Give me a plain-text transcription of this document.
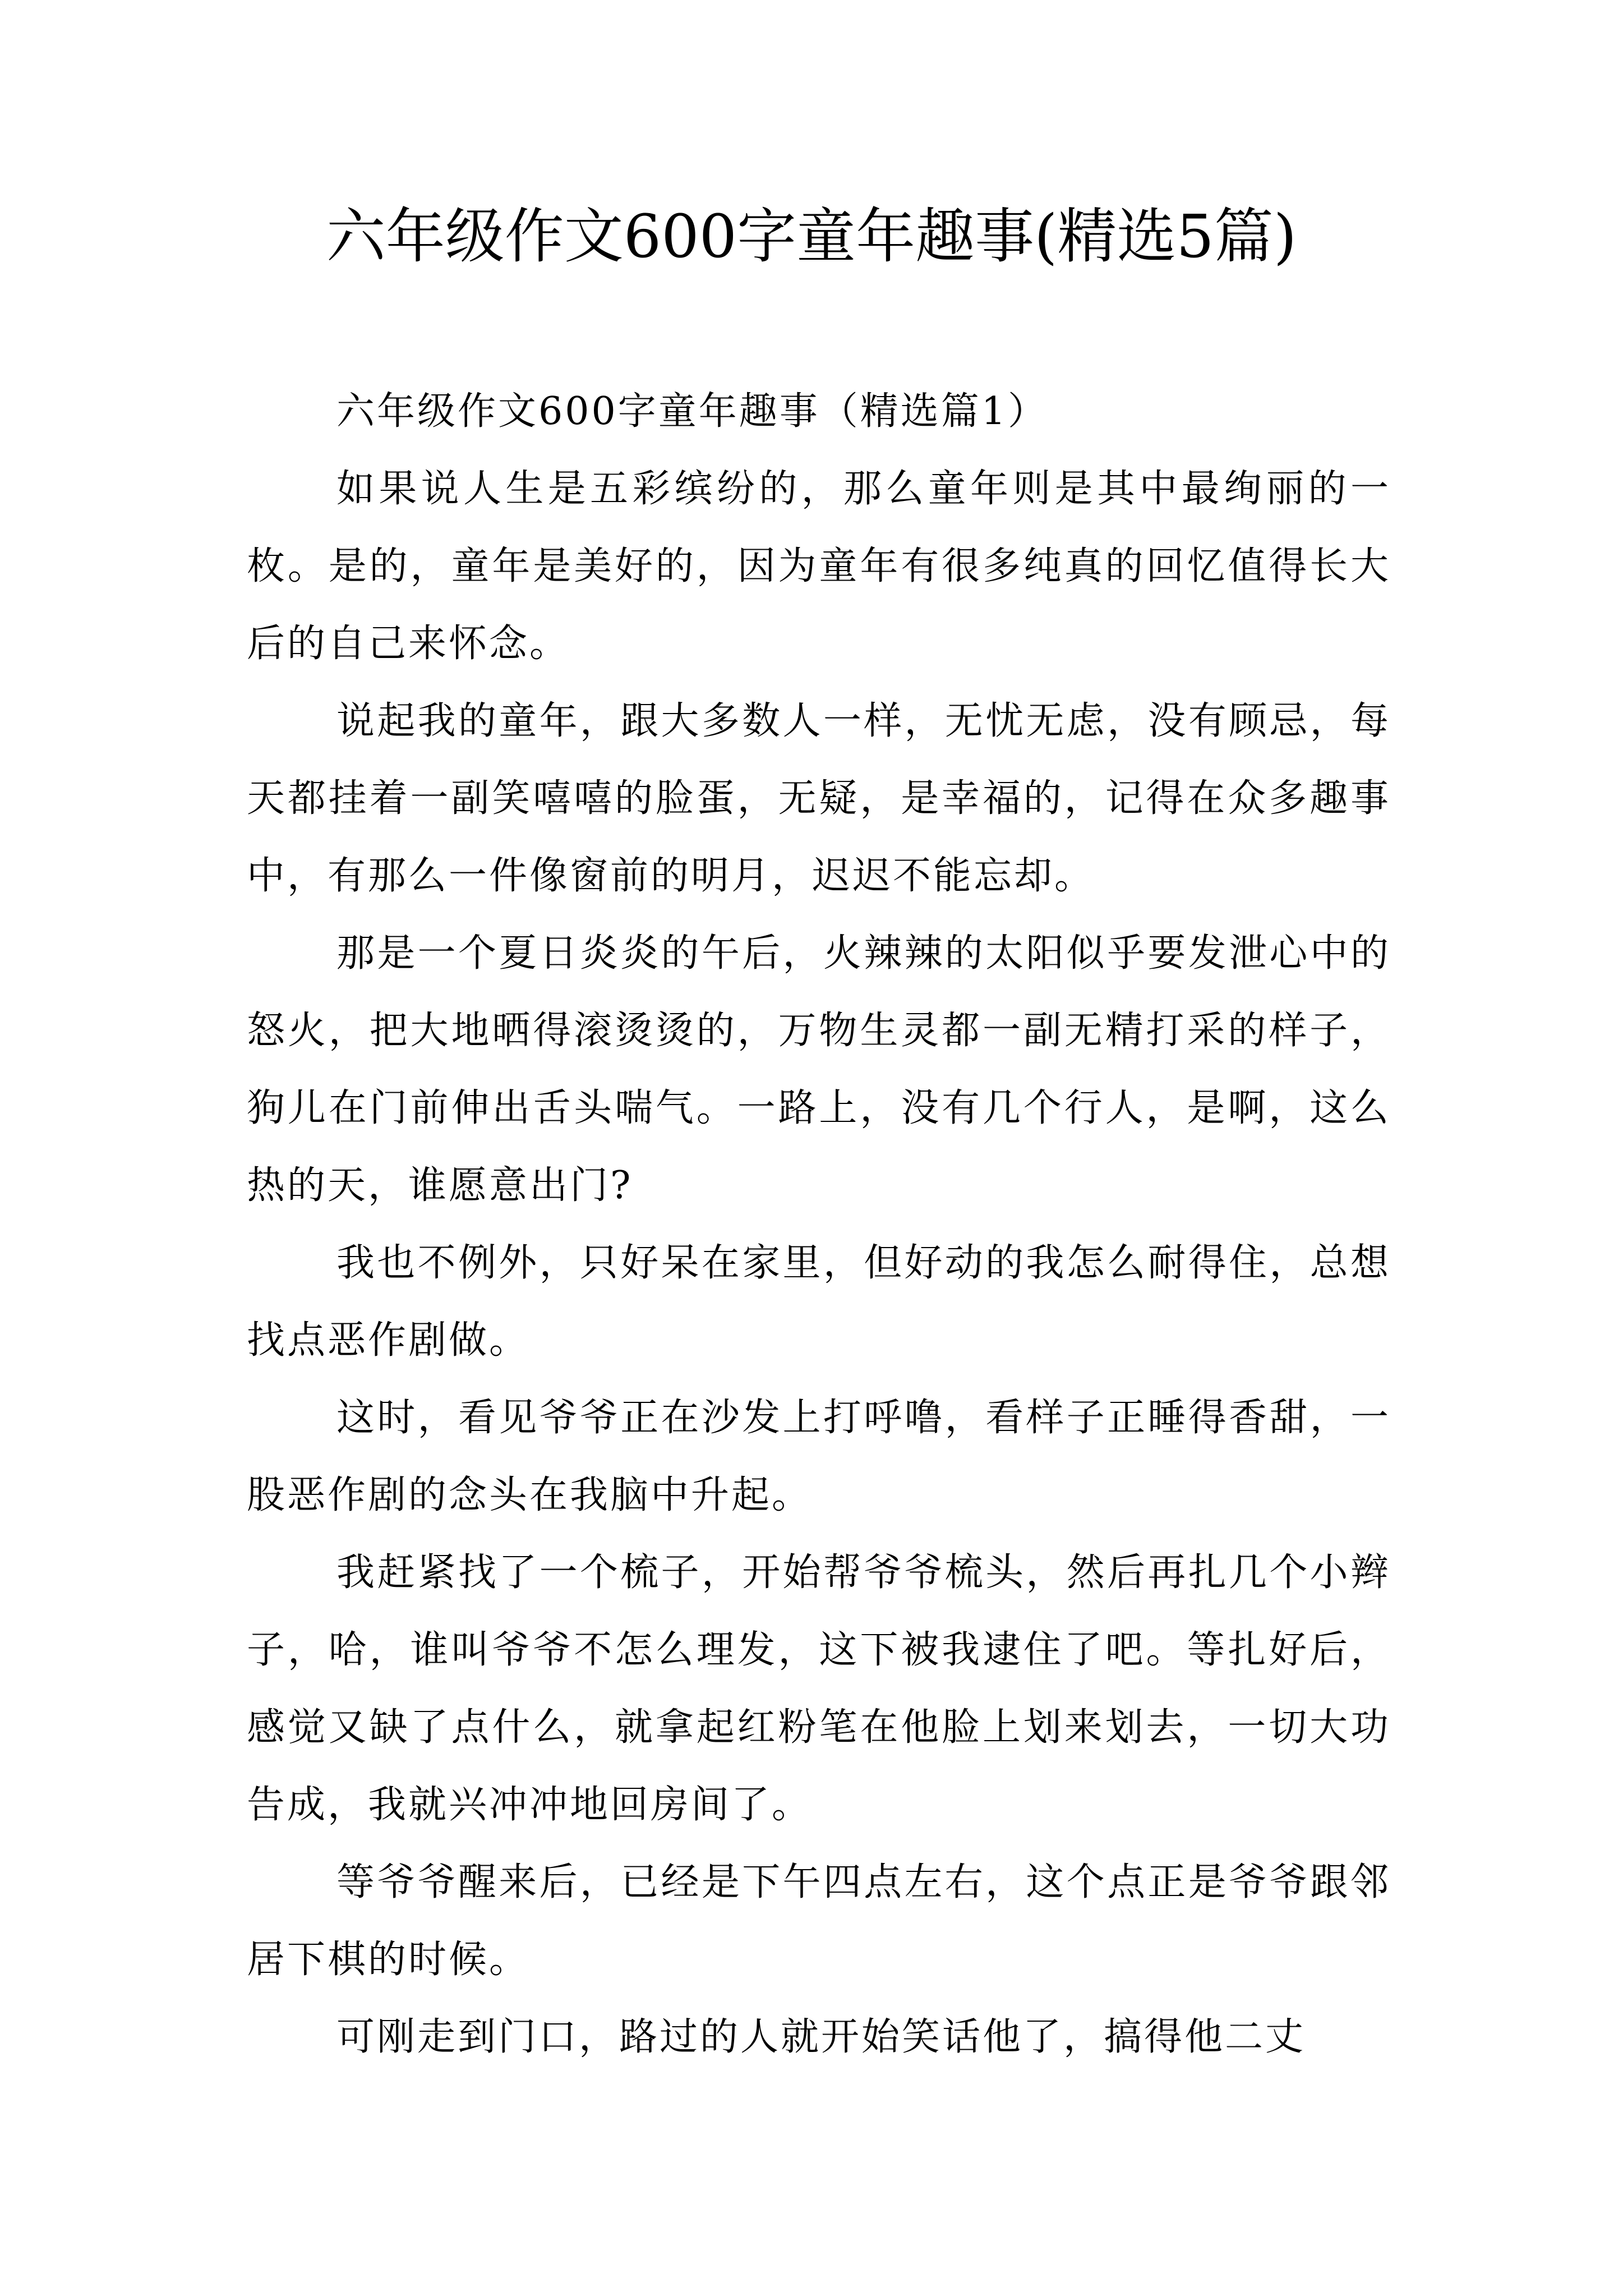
六年级作文600字童年趣事(精选5篇)

六年级作文600字童年趣事（精选篇1）

如果说人生是五彩缤纷的，那么童年则是其中最绚丽的一枚。是的，童年是美好的，因为童年有很多纯真的回忆值得长大后的自己来怀念。

说起我的童年，跟大多数人一样，无忧无虑，没有顾忌，每天都挂着一副笑嘻嘻的脸蛋，无疑，是幸福的，记得在众多趣事中，有那么一件像窗前的明月，迟迟不能忘却。

那是一个夏日炎炎的午后，火辣辣的太阳似乎要发泄心中的怒火，把大地晒得滚烫烫的，万物生灵都一副无精打采的样子，狗儿在门前伸出舌头喘气。一路上，没有几个行人，是啊，这么热的天，谁愿意出门?

我也不例外，只好呆在家里，但好动的我怎么耐得住，总想找点恶作剧做。

这时，看见爷爷正在沙发上打呼噜，看样子正睡得香甜，一股恶作剧的念头在我脑中升起。

我赶紧找了一个梳子，开始帮爷爷梳头，然后再扎几个小辫子，哈，谁叫爷爷不怎么理发，这下被我逮住了吧。等扎好后，感觉又缺了点什么，就拿起红粉笔在他脸上划来划去，一切大功告成，我就兴冲冲地回房间了。

等爷爷醒来后，已经是下午四点左右，这个点正是爷爷跟邻居下棋的时候。

可刚走到门口，路过的人就开始笑话他了，搞得他二丈
